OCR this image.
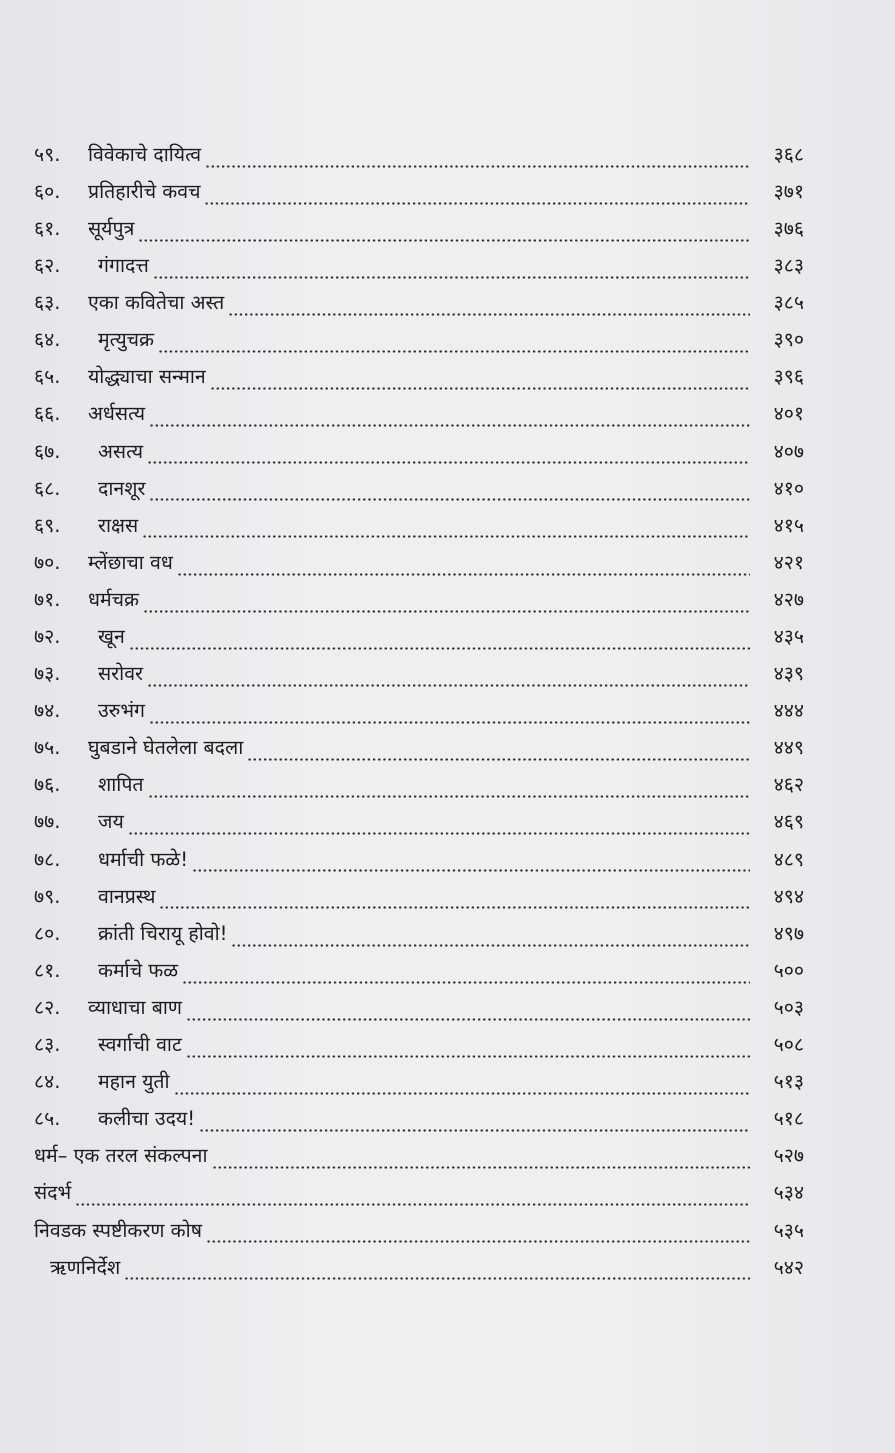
५९.	विवेकाचे दायित्व	३६८
६०.	प्रतिहारीचे कवच	३७१
६१.	सूर्यपुत्र	३७६
६२.	गंगादत्त	३८३
६३.	एका कवितेचा अस्त	३८५
६४.	मृत्युचक्र	३९०
६५.	योद्ध्याचा सन्मान	३९६
६६.	अर्धसत्य	४०१
६७.	असत्य	४०७
६८.	दानशूर	४१०
६९.	राक्षस	४१५
७०.	म्लेंछाचा वध	४२१
७१.	धर्मचक्र	४२७
७२.	खून	४३५
७३.	सरोवर	४३९
७४.	उरुभंग	४४४
७५.	घुबडाने घेतलेला बदला	४४९
७६.	शापित	४६२
७७.	जय	४६९
७८.	धर्माची फळे!	४८९
७९.	वानप्रस्थ	४९४
८०.	क्रांती चिरायू होवो!	४९७
८१.	कर्माचे फळ	५००
८२.	व्याधाचा बाण	५०३
८३.	स्वर्गाची वाट	५०८
८४.	महान युती	५१३
८५.	कलीचा उदय!	५१८
धर्म– एक तरल संकल्पना	५२७
संदर्भ	५३४
निवडक स्पष्टीकरण कोष	५३५
ऋणनिर्देश	५४२
